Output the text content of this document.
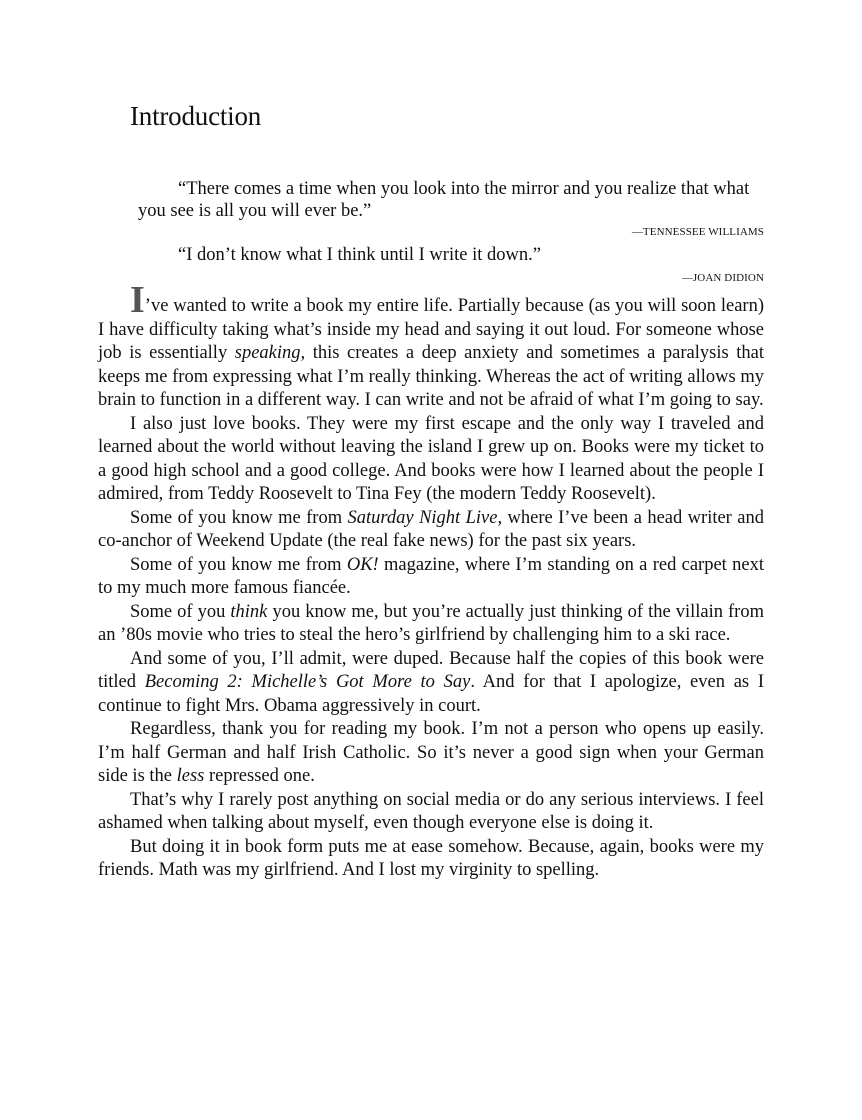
Introduction

“There comes a time when you look into the mirror and you realize that what you see is all you will ever be.”

—TENNESSEE WILLIAMS

“I don’t know what I think until I write it down.”

—JOAN DIDION

I’ve wanted to write a book my entire life. Partially because (as you will soon learn) I have difficulty taking what’s inside my head and saying it out loud. For someone whose job is essentially speaking, this creates a deep anxiety and sometimes a paralysis that keeps me from expressing what I’m really thinking. Whereas the act of writing allows my brain to function in a different way. I can write and not be afraid of what I’m going to say.

I also just love books. They were my first escape and the only way I traveled and learned about the world without leaving the island I grew up on. Books were my ticket to a good high school and a good college. And books were how I learned about the people I admired, from Teddy Roosevelt to Tina Fey (the modern Teddy Roosevelt).

Some of you know me from Saturday Night Live, where I’ve been a head writer and co-anchor of Weekend Update (the real fake news) for the past six years.

Some of you know me from OK! magazine, where I’m standing on a red carpet next to my much more famous fiancée.

Some of you think you know me, but you’re actually just thinking of the villain from an ’80s movie who tries to steal the hero’s girlfriend by challenging him to a ski race.

And some of you, I’ll admit, were duped. Because half the copies of this book were titled Becoming 2: Michelle’s Got More to Say. And for that I apologize, even as I continue to fight Mrs. Obama aggressively in court.

Regardless, thank you for reading my book. I’m not a person who opens up easily. I’m half German and half Irish Catholic. So it’s never a good sign when your German side is the less repressed one.

That’s why I rarely post anything on social media or do any serious interviews. I feel ashamed when talking about myself, even though everyone else is doing it.

But doing it in book form puts me at ease somehow. Because, again, books were my friends. Math was my girlfriend. And I lost my virginity to spelling.
